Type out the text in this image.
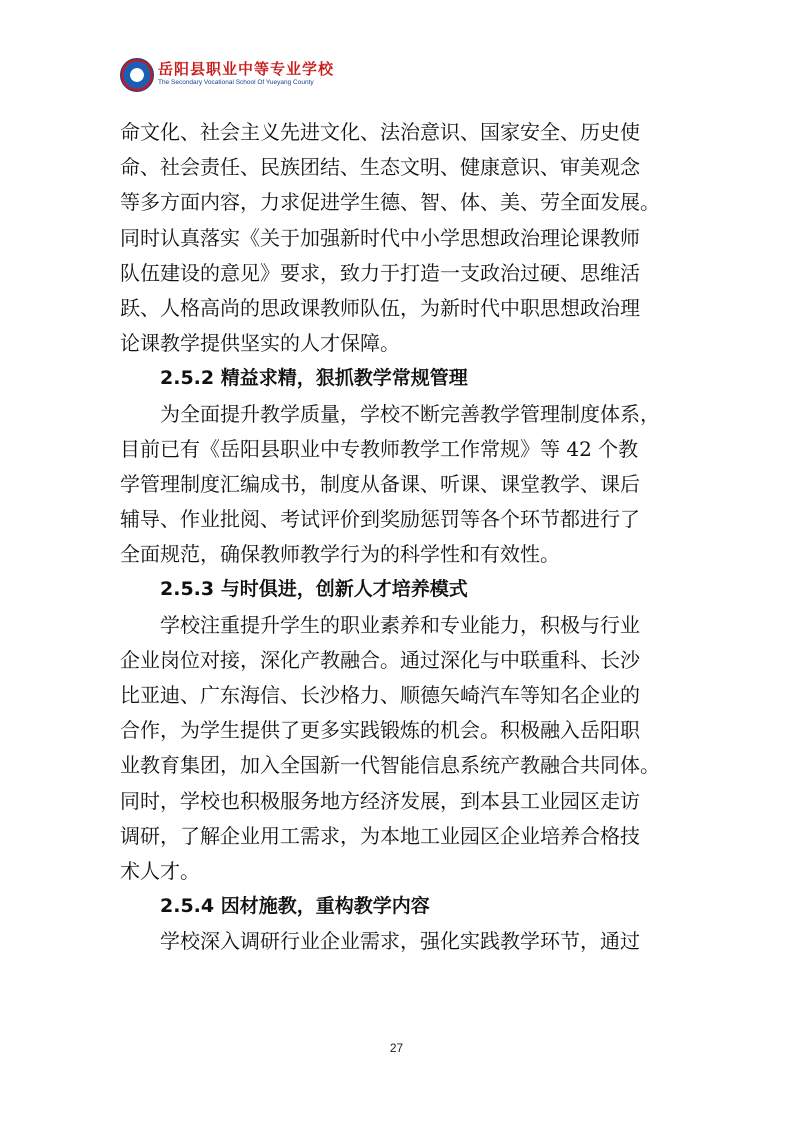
岳阳县职业中等专业学校
The Secondary Vocational School Of Yueyang County
命文化、社会主义先进文化、法治意识、国家安全、历史使
命、社会责任、民族团结、生态文明、健康意识、审美观念
等多方面内容，力求促进学生德、智、体、美、劳全面发展。
同时认真落实《关于加强新时代中小学思想政治理论课教师
队伍建设的意见》要求，致力于打造一支政治过硬、思维活
跃、人格高尚的思政课教师队伍，为新时代中职思想政治理
论课教学提供坚实的人才保障。
2.5.2 精益求精，狠抓教学常规管理
　　为全面提升教学质量，学校不断完善教学管理制度体系，
目前已有《岳阳县职业中专教师教学工作常规》等 42 个教
学管理制度汇编成书，制度从备课、听课、课堂教学、课后
辅导、作业批阅、考试评价到奖励惩罚等各个环节都进行了
全面规范，确保教师教学行为的科学性和有效性。
2.5.3 与时俱进，创新人才培养模式
　　学校注重提升学生的职业素养和专业能力，积极与行业
企业岗位对接，深化产教融合。通过深化与中联重科、长沙
比亚迪、广东海信、长沙格力、顺德矢崎汽车等知名企业的
合作，为学生提供了更多实践锻炼的机会。积极融入岳阳职
业教育集团，加入全国新一代智能信息系统产教融合共同体。
同时，学校也积极服务地方经济发展，到本县工业园区走访
调研，了解企业用工需求，为本地工业园区企业培养合格技
术人才。
2.5.4 因材施教，重构教学内容
　　学校深入调研行业企业需求，强化实践教学环节，通过
27
